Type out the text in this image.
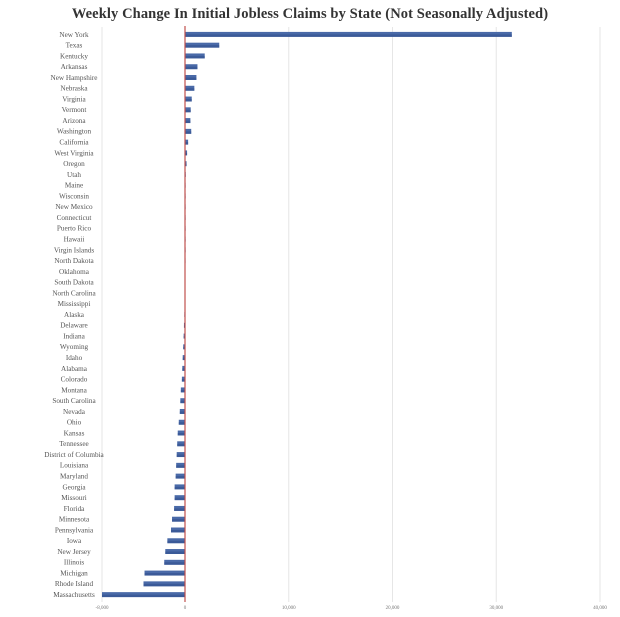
Weekly Change In Initial Jobless Claims by State (Not Seasonally Adjusted)
New York
Texas
Kentucky
Arkansas
New Hampshire
Nebraska
Virginia
Vermont
Arizona
Washington
California
West Virginia
Oregon
Utah
Maine
Wisconsin
New Mexico
Connecticut
Puerto Rico
Hawaii
Virgin Islands
North Dakota
Oklahoma
South Dakota
North Carolina
Mississippi
Alaska
Delaware
Indiana
Wyoming
Idaho
Alabama
Colorado
Montana
South Carolina
Nevada
Ohio
Kansas
Tennessee
District of Columbia
Louisiana
Maryland
Georgia
Missouri
Florida
Minnesota
Pennsylvania
Iowa
New Jersey
Illinois
Michigan
Rhode Island
Massachusetts
-8,000	0	10,000	20,000	30,000	40,000
